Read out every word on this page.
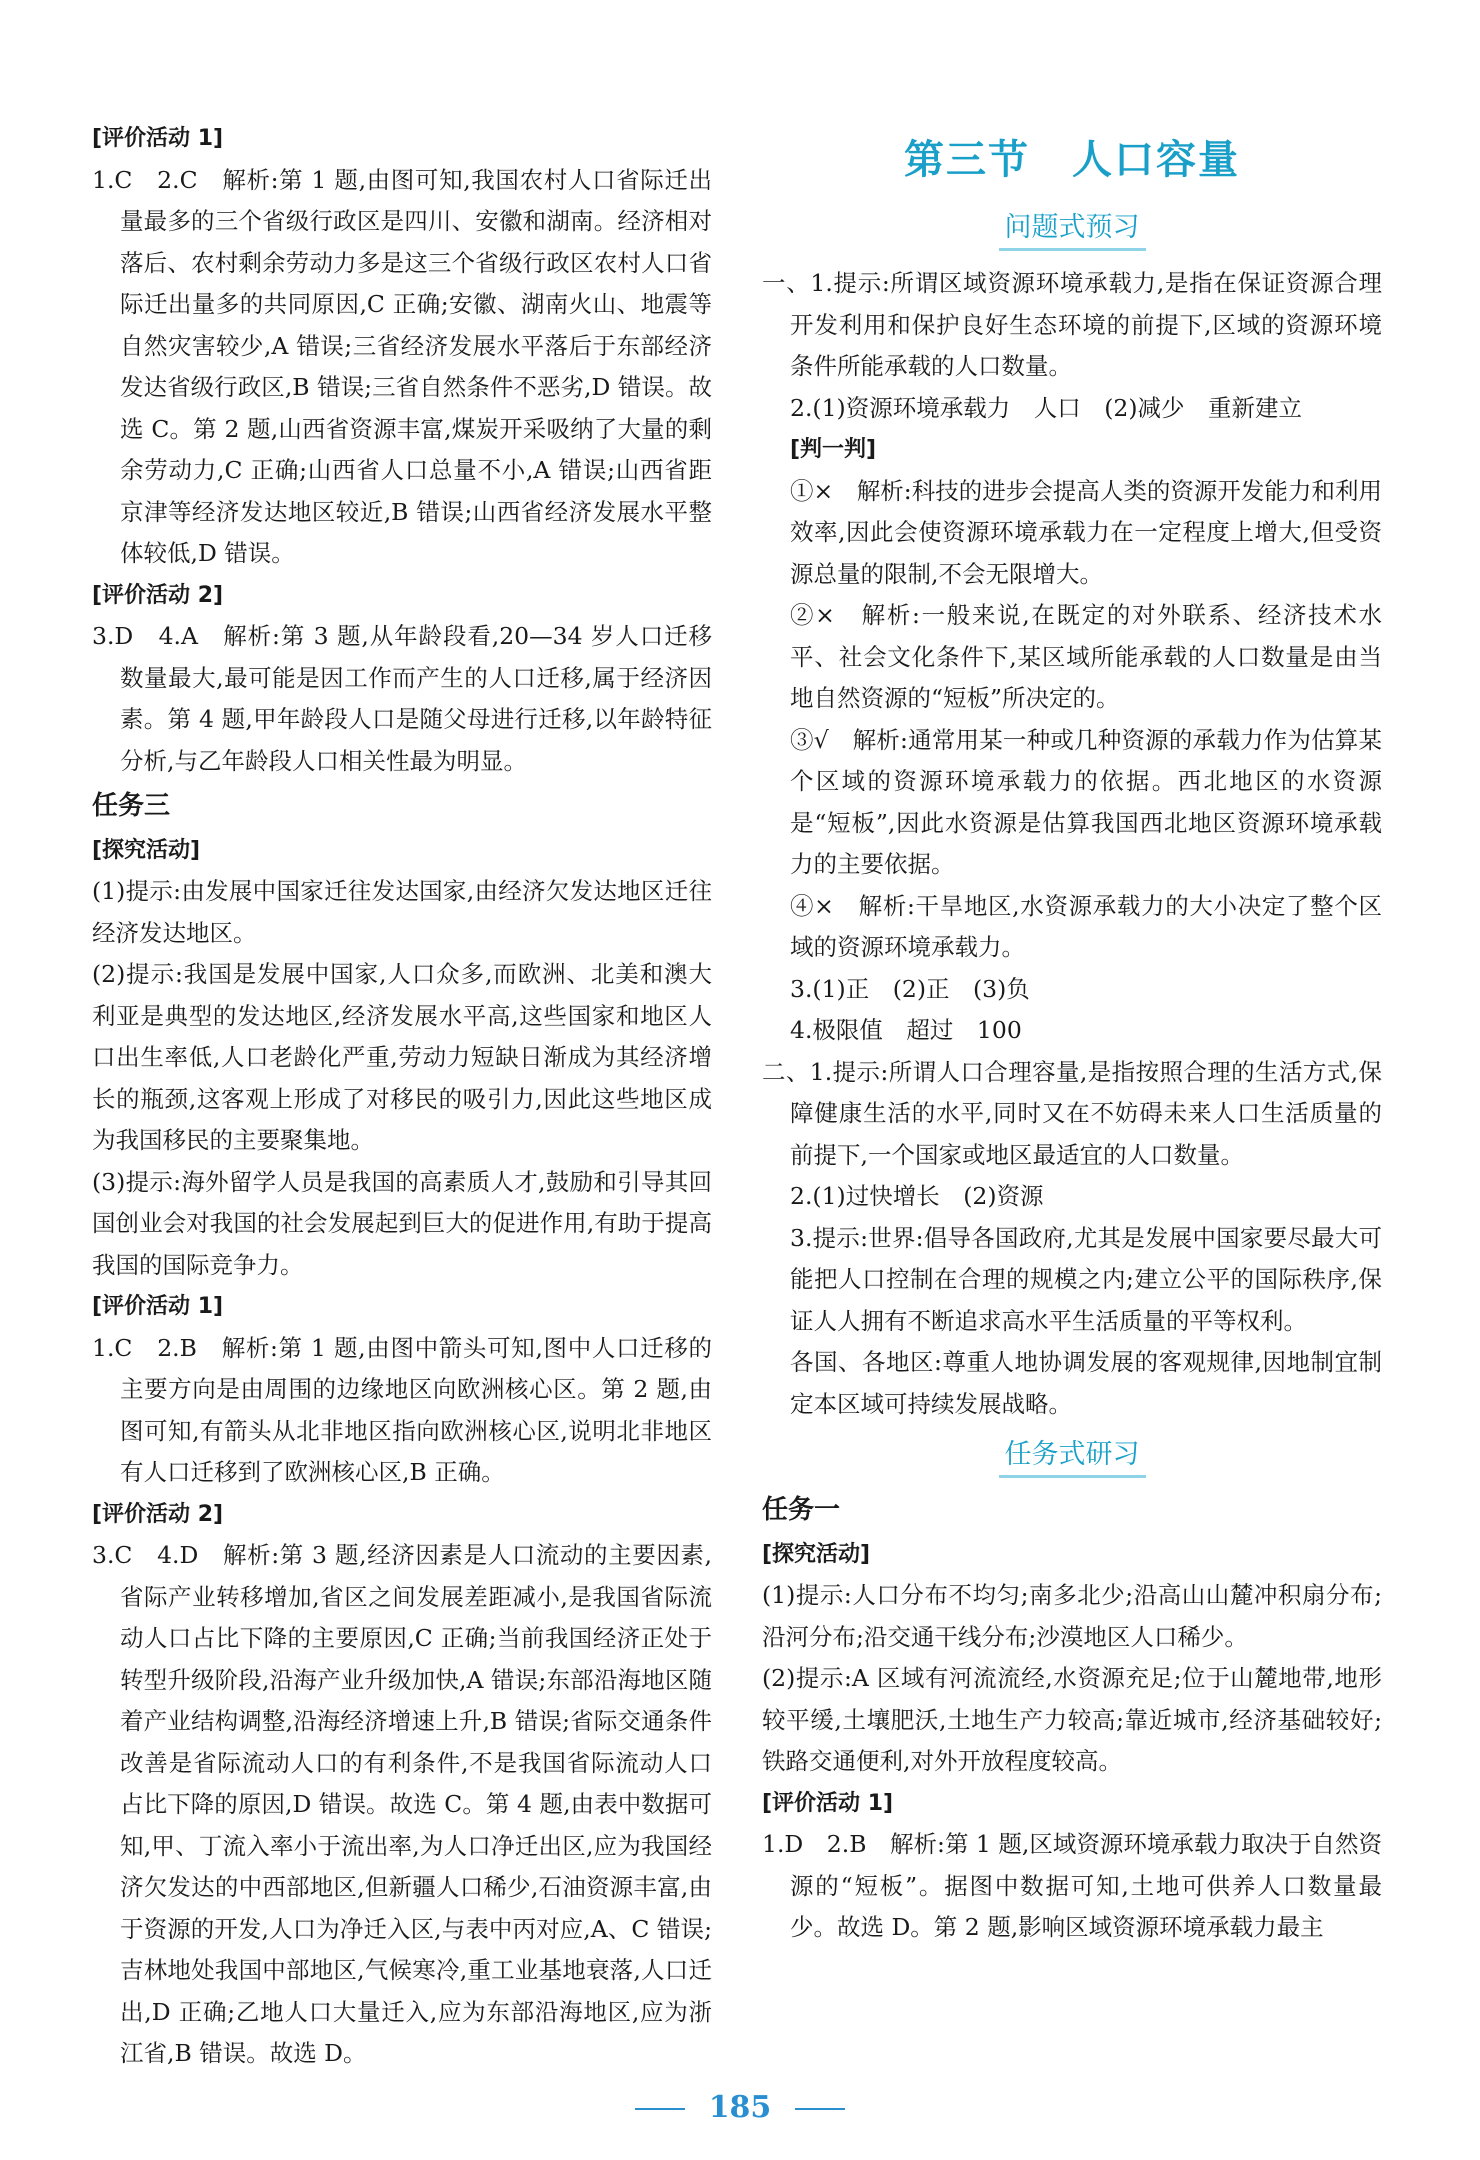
[评价活动 1]

1.C　2.C　解析:第 1 题,由图可知,我国农村人口省际迁出量最多的三个省级行政区是四川、安徽和湖南。经济相对落后、农村剩余劳动力多是这三个省级行政区农村人口省际迁出量多的共同原因,C 正确;安徽、湖南火山、地震等自然灾害较少,A 错误;三省经济发展水平落后于东部经济发达省级行政区,B 错误;三省自然条件不恶劣,D 错误。故选 C。第 2 题,山西省资源丰富,煤炭开采吸纳了大量的剩余劳动力,C 正确;山西省人口总量不小,A 错误;山西省距京津等经济发达地区较近,B 错误;山西省经济发展水平整体较低,D 错误。

[评价活动 2]

3.D　4.A　解析:第 3 题,从年龄段看,20—34 岁人口迁移数量最大,最可能是因工作而产生的人口迁移,属于经济因素。第 4 题,甲年龄段人口是随父母进行迁移,以年龄特征分析,与乙年龄段人口相关性最为明显。

任务三
[探究活动]

(1)提示:由发展中国家迁往发达国家,由经济欠发达地区迁往经济发达地区。

(2)提示:我国是发展中国家,人口众多,而欧洲、北美和澳大利亚是典型的发达地区,经济发展水平高,这些国家和地区人口出生率低,人口老龄化严重,劳动力短缺日渐成为其经济增长的瓶颈,这客观上形成了对移民的吸引力,因此这些地区成为我国移民的主要聚集地。

(3)提示:海外留学人员是我国的高素质人才,鼓励和引导其回国创业会对我国的社会发展起到巨大的促进作用,有助于提高我国的国际竞争力。

[评价活动 1]

1.C　2.B　解析:第 1 题,由图中箭头可知,图中人口迁移的主要方向是由周围的边缘地区向欧洲核心区。第 2 题,由图可知,有箭头从北非地区指向欧洲核心区,说明北非地区有人口迁移到了欧洲核心区,B 正确。

[评价活动 2]

3.C　4.D　解析:第 3 题,经济因素是人口流动的主要因素,省际产业转移增加,省区之间发展差距减小,是我国省际流动人口占比下降的主要原因,C 正确;当前我国经济正处于转型升级阶段,沿海产业升级加快,A 错误;东部沿海地区随着产业结构调整,沿海经济增速上升,B 错误;省际交通条件改善是省际流动人口的有利条件,不是我国省际流动人口占比下降的原因,D 错误。故选 C。第 4 题,由表中数据可知,甲、丁流入率小于流出率,为人口净迁出区,应为我国经济欠发达的中西部地区,但新疆人口稀少,石油资源丰富,由于资源的开发,人口为净迁入区,与表中丙对应,A、C 错误;吉林地处我国中部地区,气候寒冷,重工业基地衰落,人口迁出,D 正确;乙地人口大量迁入,应为东部沿海地区,应为浙江省,B 错误。故选 D。

第三节　人口容量
问题式预习

一、1.提示:所谓区域资源环境承载力,是指在保证资源合理开发利用和保护良好生态环境的前提下,区域的资源环境条件所能承载的人口数量。

2.(1)资源环境承载力　人口　(2)减少　重新建立

[判一判]

①×　解析:科技的进步会提高人类的资源开发能力和利用效率,因此会使资源环境承载力在一定程度上增大,但受资源总量的限制,不会无限增大。

②×　解析:一般来说,在既定的对外联系、经济技术水平、社会文化条件下,某区域所能承载的人口数量是由当地自然资源的“短板”所决定的。

③√　解析:通常用某一种或几种资源的承载力作为估算某个区域的资源环境承载力的依据。西北地区的水资源是“短板”,因此水资源是估算我国西北地区资源环境承载力的主要依据。

④×　解析:干旱地区,水资源承载力的大小决定了整个区域的资源环境承载力。

3.(1)正　(2)正　(3)负

4.极限值　超过　100

二、1.提示:所谓人口合理容量,是指按照合理的生活方式,保障健康生活的水平,同时又在不妨碍未来人口生活质量的前提下,一个国家或地区最适宜的人口数量。

2.(1)过快增长　(2)资源

3.提示:世界:倡导各国政府,尤其是发展中国家要尽最大可能把人口控制在合理的规模之内;建立公平的国际秩序,保证人人拥有不断追求高水平生活质量的平等权利。

各国、各地区:尊重人地协调发展的客观规律,因地制宜制定本区域可持续发展战略。

任务式研习
任务一
[探究活动]

(1)提示:人口分布不均匀;南多北少;沿高山山麓冲积扇分布;沿河分布;沿交通干线分布;沙漠地区人口稀少。

(2)提示:A 区域有河流流经,水资源充足;位于山麓地带,地形较平缓,土壤肥沃,土地生产力较高;靠近城市,经济基础较好;铁路交通便利,对外开放程度较高。

[评价活动 1]

1.D　2.B　解析:第 1 题,区域资源环境承载力取决于自然资源的“短板”。据图中数据可知,土地可供养人口数量最少。故选 D。第 2 题,影响区域资源环境承载力最主

185
